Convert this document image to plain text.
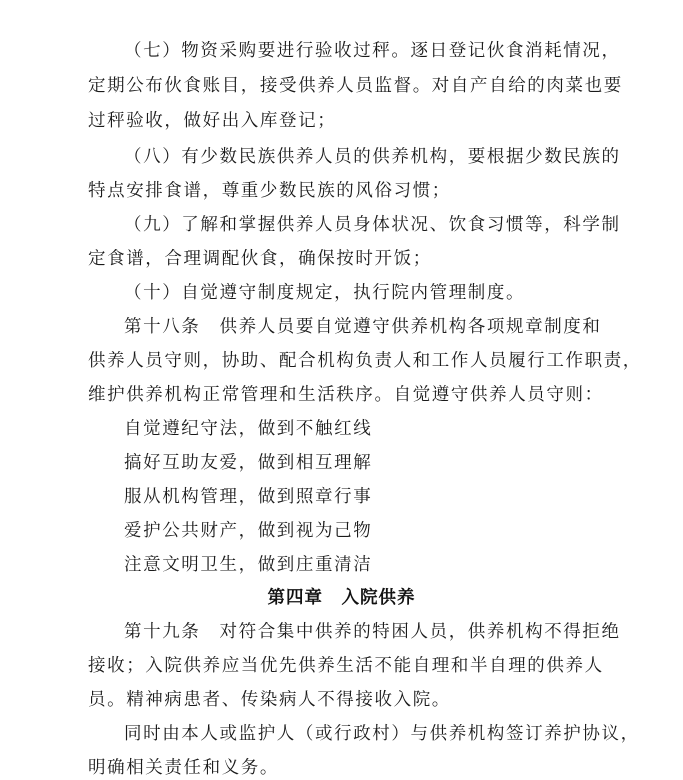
（七）物资采购要进行验收过秤。逐日登记伙食消耗情况，
定期公布伙食账目，接受供养人员监督。对自产自给的肉菜也要
过秤验收，做好出入库登记；
（八）有少数民族供养人员的供养机构，要根据少数民族的
特点安排食谱，尊重少数民族的风俗习惯；
（九）了解和掌握供养人员身体状况、饮食习惯等，科学制
定食谱，合理调配伙食，确保按时开饭；
（十）自觉遵守制度规定，执行院内管理制度。
第十八条　供养人员要自觉遵守供养机构各项规章制度和
供养人员守则，协助、配合机构负责人和工作人员履行工作职责，
维护供养机构正常管理和生活秩序。自觉遵守供养人员守则：
自觉遵纪守法，做到不触红线
搞好互助友爱，做到相互理解
服从机构管理，做到照章行事
爱护公共财产，做到视为己物
注意文明卫生，做到庄重清洁
第四章　入院供养
第十九条　对符合集中供养的特困人员，供养机构不得拒绝
接收；入院供养应当优先供养生活不能自理和半自理的供养人
员。精神病患者、传染病人不得接收入院。
同时由本人或监护人（或行政村）与供养机构签订养护协议，
明确相关责任和义务。
